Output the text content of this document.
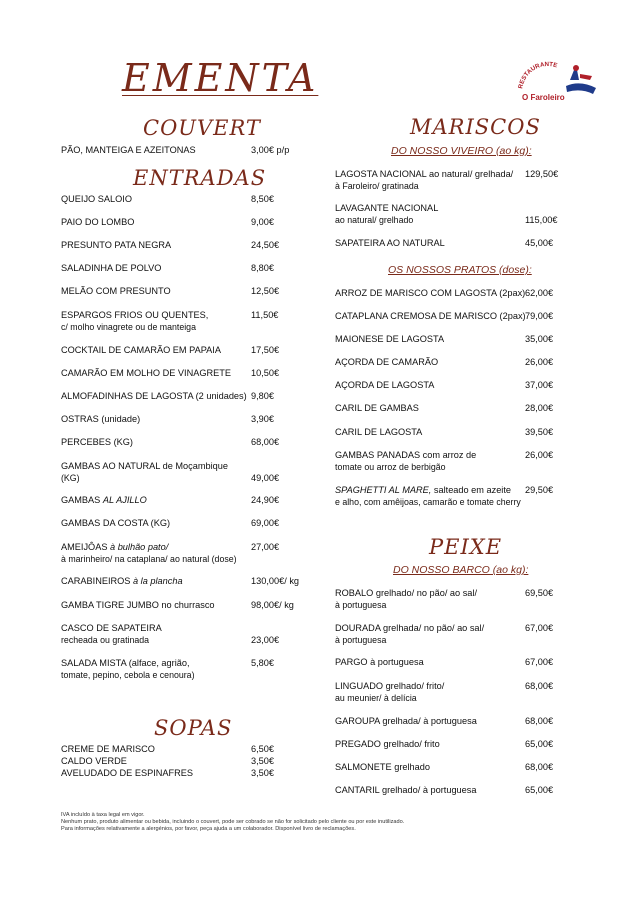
EMENTA	RESTAURANTE
O Faroleiro
COUVERT
PÃO, MANTEIGA E AZEITONAS	3,00€ p/p
ENTRADAS
QUEIJO SALOIO	8,50€
PAIO DO LOMBO	9,00€
PRESUNTO PATA NEGRA	24,50€
SALADINHA DE POLVO	8,80€
MELÃO COM PRESUNTO	12,50€
ESPARGOS FRIOS OU QUENTES,
c/ molho vinagrete ou de manteiga
11,50€
COCKTAIL DE CAMARÃO EM PAPAIA	17,50€
CAMARÃO EM MOLHO DE VINAGRETE 10,50€
ALMOFADINHAS DE LAGOSTA (2 unidades) 9,80€
OSTRAS (unidade)	3,90€
PERCEBES (KG)	68,00€
GAMBAS AO NATURAL de Moçambique
(KG)	49,00€
GAMBAS AL AJILLO	24,90€
GAMBAS DA COSTA (KG)	69,00€
AMEIJÔAS à bulhão pato/
à marinheiro/ na cataplana/ ao natural (dose)
27,00€
CARABINEIROS à la plancha	130,00€/ kg
GAMBA TIGRE JUMBO no churrasco	98,00€/ kg
CASCO DE SAPATEIRA
recheada ou gratinada	23,00€
SALADA MISTA (alface, agrião,
tomate, pepino, cebola e cenoura)
5,80€
SOPAS
CREME DE MARISCO	6,50€
CALDO VERDE	3,50€
AVELUDADO DE ESPINAFRES	3,50€
MARISCOS
DO NOSSO VIVEIRO (ao kg):
LAGOSTA NACIONAL ao natural/ grelhada/
à Faroleiro/ gratinada
129,50€
LAVAGANTE NACIONAL
ao natural/ grelhado	115,00€
SAPATEIRA AO NATURAL	45,00€
OS NOSSOS PRATOS (dose):
ARROZ DE MARISCO COM LAGOSTA (2pax) 62,00€
CATAPLANA CREMOSA DE MARISCO (2pax) 79,00€
MAIONESE DE LAGOSTA	35,00€
AÇORDA DE CAMARÃO	26,00€
AÇORDA DE LAGOSTA	37,00€
CARIL DE GAMBAS	28,00€
CARIL DE LAGOSTA	39,50€
GAMBAS PANADAS com arroz de
tomate ou arroz de berbigão
26,00€
SPAGHETTI AL MARE, salteado em azeite
e alho, com amêijoas, camarão e tomate cherry
29,50€
PEIXE
DO NOSSO BARCO (ao kg):
ROBALO grelhado/ no pão/ ao sal/
à portuguesa
69,50€
DOURADA grelhada/ no pão/ ao sal/
à portuguesa
67,00€
PARGO à portuguesa	67,00€
LINGUADO grelhado/ frito/
au meunier/ à delícia
68,00€
GAROUPA grelhada/ à portuguesa	68,00€
PREGADO grelhado/ frito	65,00€
SALMONETE grelhado	68,00€
CANTARIL grelhado/ à portuguesa	65,00€
IVA incluído à taxa legal em vigor.
Nenhum prato, produto alimentar ou bebida, incluindo o couvert, pode ser cobrado se não for solicitado pelo cliente ou por este inutilizado.
Para informações relativamente a alergénios, por favor, peça ajuda a um colaborador. Disponível livro de reclamações.
